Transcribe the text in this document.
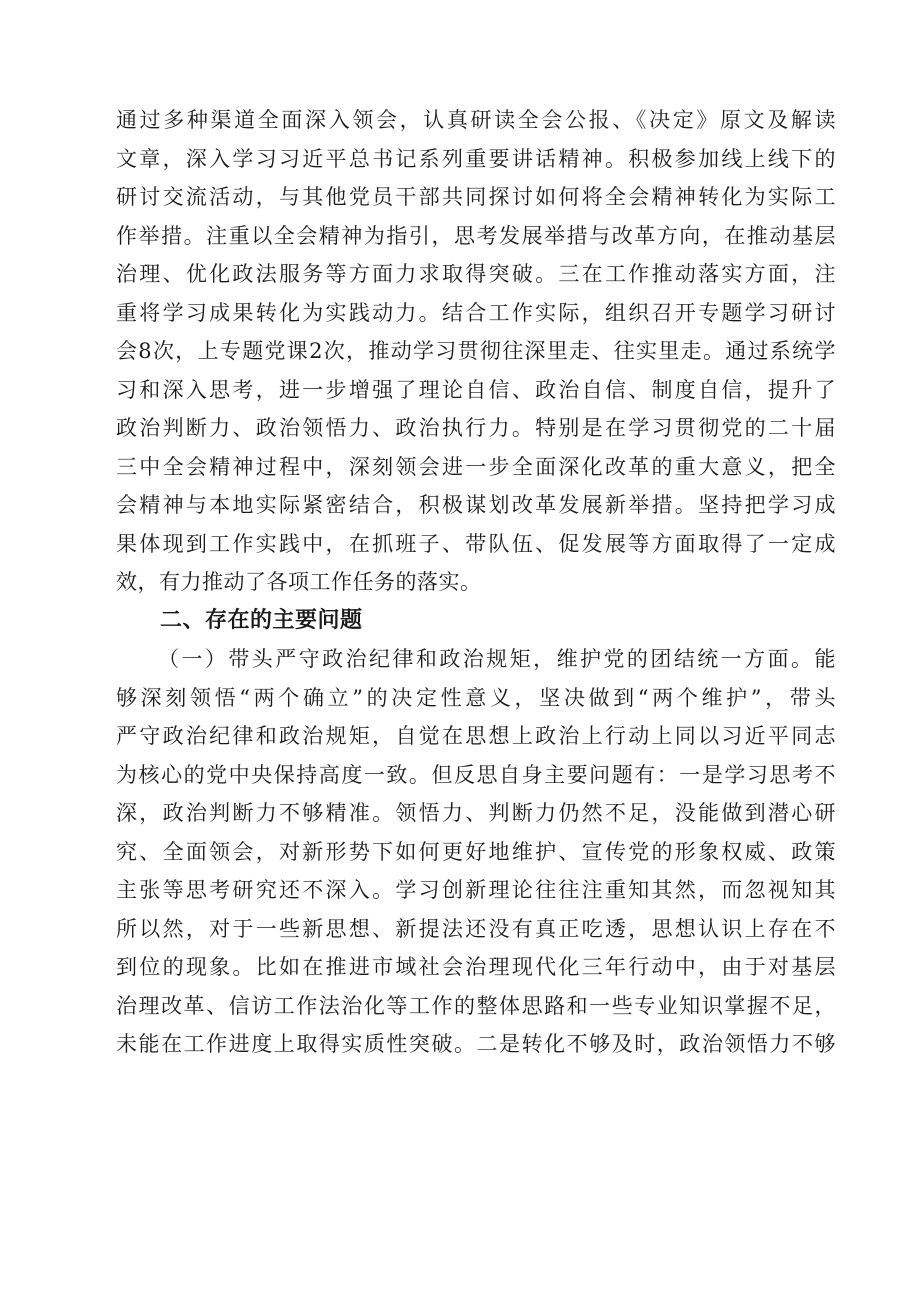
通过多种渠道全面深入领会，认真研读全会公报、《决定》原文及解读
文章，深入学习习近平总书记系列重要讲话精神。积极参加线上线下的
研讨交流活动，与其他党员干部共同探讨如何将全会精神转化为实际工
作举措。注重以全会精神为指引，思考发展举措与改革方向，在推动基层
治理、优化政法服务等方面力求取得突破。三在工作推动落实方面，注
重将学习成果转化为实践动力。结合工作实际，组织召开专题学习研讨
会8次，上专题党课2次，推动学习贯彻往深里走、往实里走。通过系统学
习和深入思考，进一步增强了理论自信、政治自信、制度自信，提升了
政治判断力、政治领悟力、政治执行力。特别是在学习贯彻党的二十届
三中全会精神过程中，深刻领会进一步全面深化改革的重大意义，把全
会精神与本地实际紧密结合，积极谋划改革发展新举措。坚持把学习成
果体现到工作实践中，在抓班子、带队伍、促发展等方面取得了一定成
效，有力推动了各项工作任务的落实。
二、存在的主要问题
（一）带头严守政治纪律和政治规矩，维护党的团结统一方面。能
够深刻领悟“两个确立”的决定性意义，坚决做到“两个维护”，带头
严守政治纪律和政治规矩，自觉在思想上政治上行动上同以习近平同志
为核心的党中央保持高度一致。但反思自身主要问题有：一是学习思考不
深，政治判断力不够精准。领悟力、判断力仍然不足，没能做到潜心研
究、全面领会，对新形势下如何更好地维护、宣传党的形象权威、政策
主张等思考研究还不深入。学习创新理论往往注重知其然，而忽视知其
所以然，对于一些新思想、新提法还没有真正吃透，思想认识上存在不
到位的现象。比如在推进市域社会治理现代化三年行动中，由于对基层
治理改革、信访工作法治化等工作的整体思路和一些专业知识掌握不足，
未能在工作进度上取得实质性突破。二是转化不够及时，政治领悟力不够
